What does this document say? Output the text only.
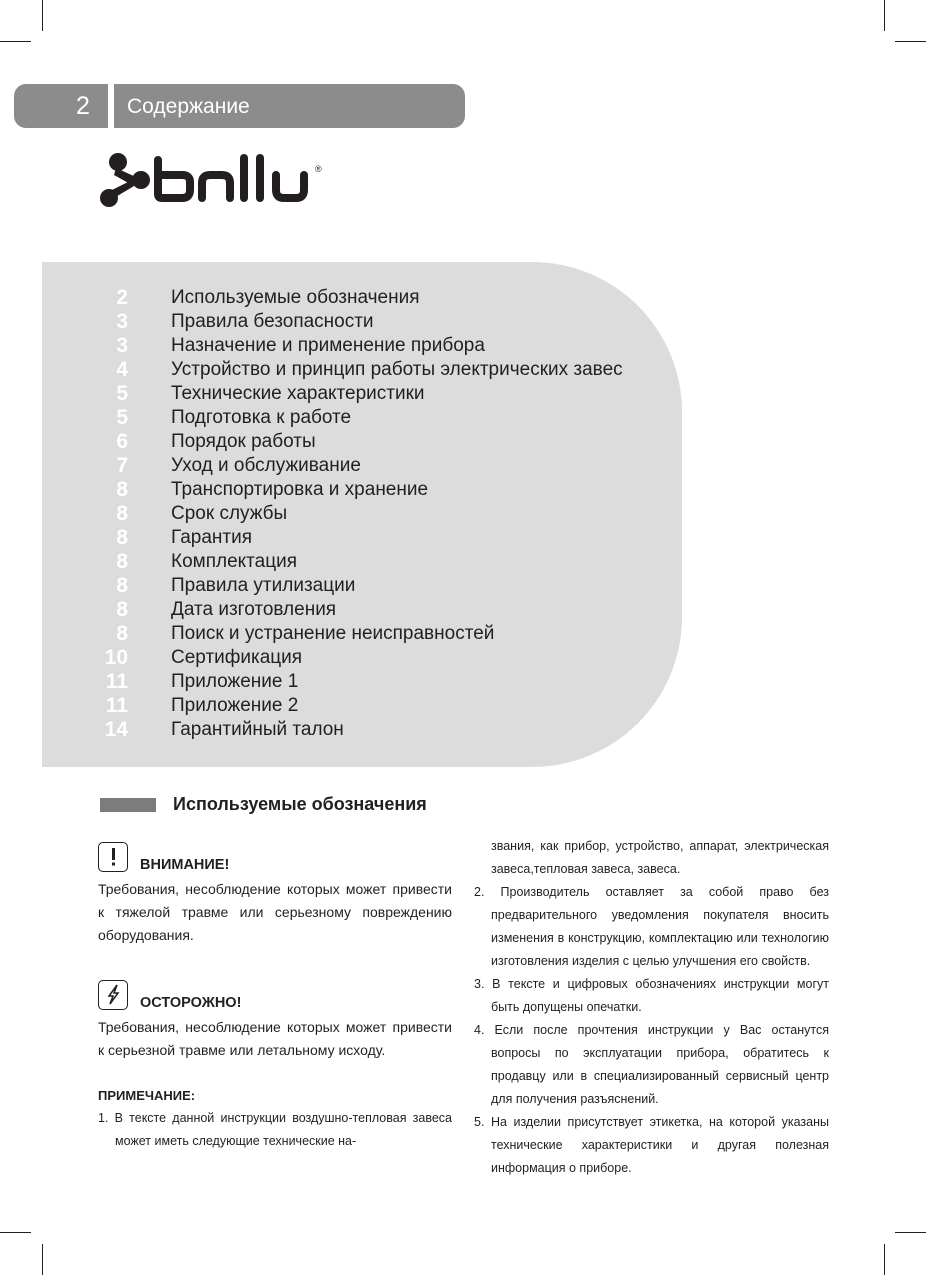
2 Содержание
®
2 Используемые обозначения
3 Правила безопасности
3 Назначение и применение прибора
4 Устройство и принцип работы электрических завес
5 Технические характеристики
5 Подготовка к работе
6 Порядок работы
7 Уход и обслуживание
8 Транспортировка и хранение
8 Срок службы
8 Гарантия
8 Комплектация
8 Правила утилизации
8 Дата изготовления
8 Поиск и устранение неисправностей
10 Сертификация
11 Приложение 1
11 Приложение 2
14 Гарантийный талон
Используемые обозначения
ВНИМАНИЕ!

Требования, несоблюдение которых может привести к тяжелой травме или серьезному повреждению оборудования.

ОСТОРОЖНО!

Требования, несоблюдение которых может привести к серьезной травме или летальному исходу.

ПРИМЕЧАНИЕ:

1. В тексте данной инструкции воздушно-тепловая завеса может иметь следующие технические на-

звания, как прибор, устройство, аппарат, электрическая завеса,тепловая завеса, завеса.

2. Производитель оставляет за собой право без предварительного уведомления покупателя вносить изменения в конструкцию, комплектацию или технологию изготовления изделия с целью улучшения его свойств.

3. В тексте и цифровых обозначениях инструкции могут быть допущены опечатки.

4. Если после прочтения инструкции у Вас останутся вопросы по эксплуатации прибора, обратитесь к продавцу или в специализированный сервисный центр для получения разъяснений.

5. На изделии присутствует этикетка, на которой указаны технические характеристики и другая полезная информация о приборе.
